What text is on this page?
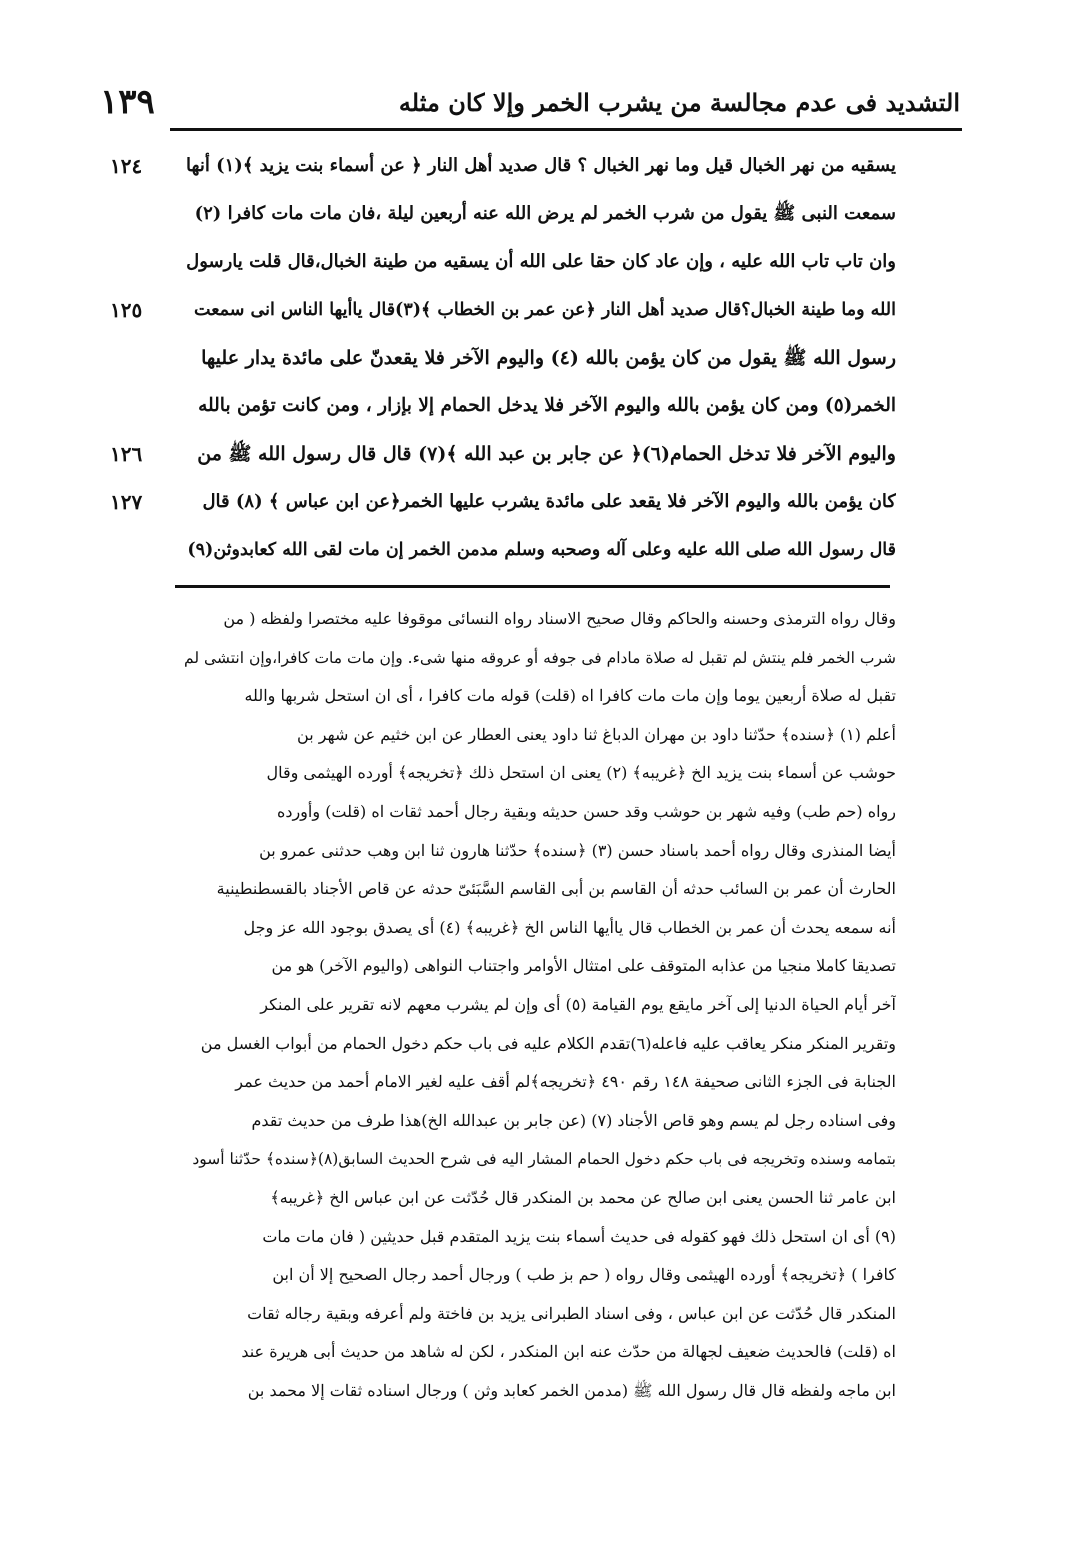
التشديد فى عدم مجالسة من يشرب الخمر وإلا كان مثله
١٣٩
١٢٤
١٢٥
١٢٦
١٢٧
يسقيه من نهر الخبال قيل وما نهر الخبال ؟ قال صديد أهل النار ﴿ عن أسماء بنت يزيد ﴾(١) أنها
سمعت النبى ﷺ يقول من شرب الخمر لم يرض الله عنه أربعين ليلة ،فان مات مات كافرا (٢)
وان تاب تاب الله عليه ، وإن عاد كان حقا على الله أن يسقيه من طينة الخبال،قال قلت يارسول
الله وما طينة الخبال؟قال صديد أهل النار ﴿عن عمر بن الخطاب ﴾(٣)قال ياأيها الناس انى سمعت
رسول الله ﷺ يقول من كان يؤمن بالله (٤) واليوم الآخر فلا يقعدنّ على مائدة يدار عليها
الخمر(٥) ومن كان يؤمن بالله واليوم الآخر فلا يدخل الحمام إلا بإزار ، ومن كانت تؤمن بالله
واليوم الآخر فلا تدخل الحمام(٦)﴿ عن جابر بن عبد الله ﴾(٧) قال قال رسول الله ﷺ من
كان يؤمن بالله واليوم الآخر فلا يقعد على مائدة يشرب عليها الخمر﴿عن ابن عباس ﴾ (٨) قال
قال رسول الله صلى الله عليه وعلى آله وصحبه وسلم مدمن الخمر إن مات لقى الله كعابدوثن(٩)
وقال رواه الترمذى وحسنه والحاكم وقال صحيح الاسناد رواه النسائى موقوفا عليه مختصرا ولفظه ( من
شرب الخمر فلم ينتش لم تقبل له صلاة مادام فى جوفه أو عروقه منها شىء. وإن مات مات كافرا،وإن انتشى لم
تقبل له صلاة أربعين يوما وإن مات مات كافرا اه (قلت) قوله مات كافرا ، أى ان استحل شربها والله
أعلم (١) ﴿سنده﴾ حدّثنا داود بن مهران الدباغ ثنا داود يعنى العطار عن ابن خثيم عن شهر بن
حوشب عن أسماء بنت يزيد الخ ﴿غريبه﴾ (٢) يعنى ان استحل ذلك ﴿تخريجه﴾ أورده الهيثمى وقال
رواه (حم طب) وفيه شهر بن حوشب وقد حسن حديثه وبقية رجال أحمد ثقات اه (قلت) وأورده
أيضا المنذرى وقال رواه أحمد باسناد حسن (٣) ﴿سنده﴾ حدّثنا هارون ثنا ابن وهب حدثنى عمرو بن
الحارث أن عمر بن السائب حدثه أن القاسم بن أبى القاسم السَّبَئىّ حدثه عن قاص الأجناد بالقسطنطينية
أنه سمعه يحدث أن عمر بن الخطاب قال ياأيها الناس الخ ﴿غريبه﴾ (٤) أى يصدق بوجود الله عز وجل
تصديقا كاملا منجيا من عذابه المتوقف على امتثال الأوامر واجتناب النواهى (واليوم الآخر) هو من
آخر أيام الحياة الدنيا إلى آخر مايقع يوم القيامة (٥) أى وإن لم يشرب معهم لانه تقرير على المنكر
وتقرير المنكر منكر يعاقب عليه فاعله(٦)تقدم الكلام عليه فى باب حكم دخول الحمام من أبواب الغسل من
الجنابة فى الجزء الثانى صحيفة ١٤٨ رقم ٤٩٠ ﴿تخريجه﴾لم أقف عليه لغير الامام أحمد من حديث عمر
وفى اسناده رجل لم يسم وهو قاص الأجناد (٧) (عن جابر بن عبدالله الخ)هذا طرف من حديث تقدم
بتمامه وسنده وتخريجه فى باب حكم دخول الحمام المشار اليه فى شرح الحديث السابق(٨)﴿سنده﴾ حدّثنا أسود
ابن عامر ثنا الحسن يعنى ابن صالح عن محمد بن المنكدر قال حُدّثت عن ابن عباس الخ ﴿غريبه﴾
(٩) أى ان استحل ذلك فهو كقوله فى حديث أسماء بنت يزيد المتقدم قبل حديثين ( فان مات مات
كافرا ) ﴿تخريجه﴾ أورده الهيثمى وقال رواه ( حم بز طب ) ورجال أحمد رجال الصحيح إلا أن ابن
المنكدر قال حُدّثت عن ابن عباس ، وفى اسناد الطبرانى يزيد بن فاختة ولم أعرفه وبقية رجاله ثقات
اه (قلت) فالحديث ضعيف لجهالة من حدّث عنه ابن المنكدر ، لكن له شاهد من حديث أبى هريرة عند
ابن ماجه ولفظه قال قال رسول الله ﷺ (مدمن الخمر كعابد وثن ) ورجال اسناده ثقات إلا محمد بن
